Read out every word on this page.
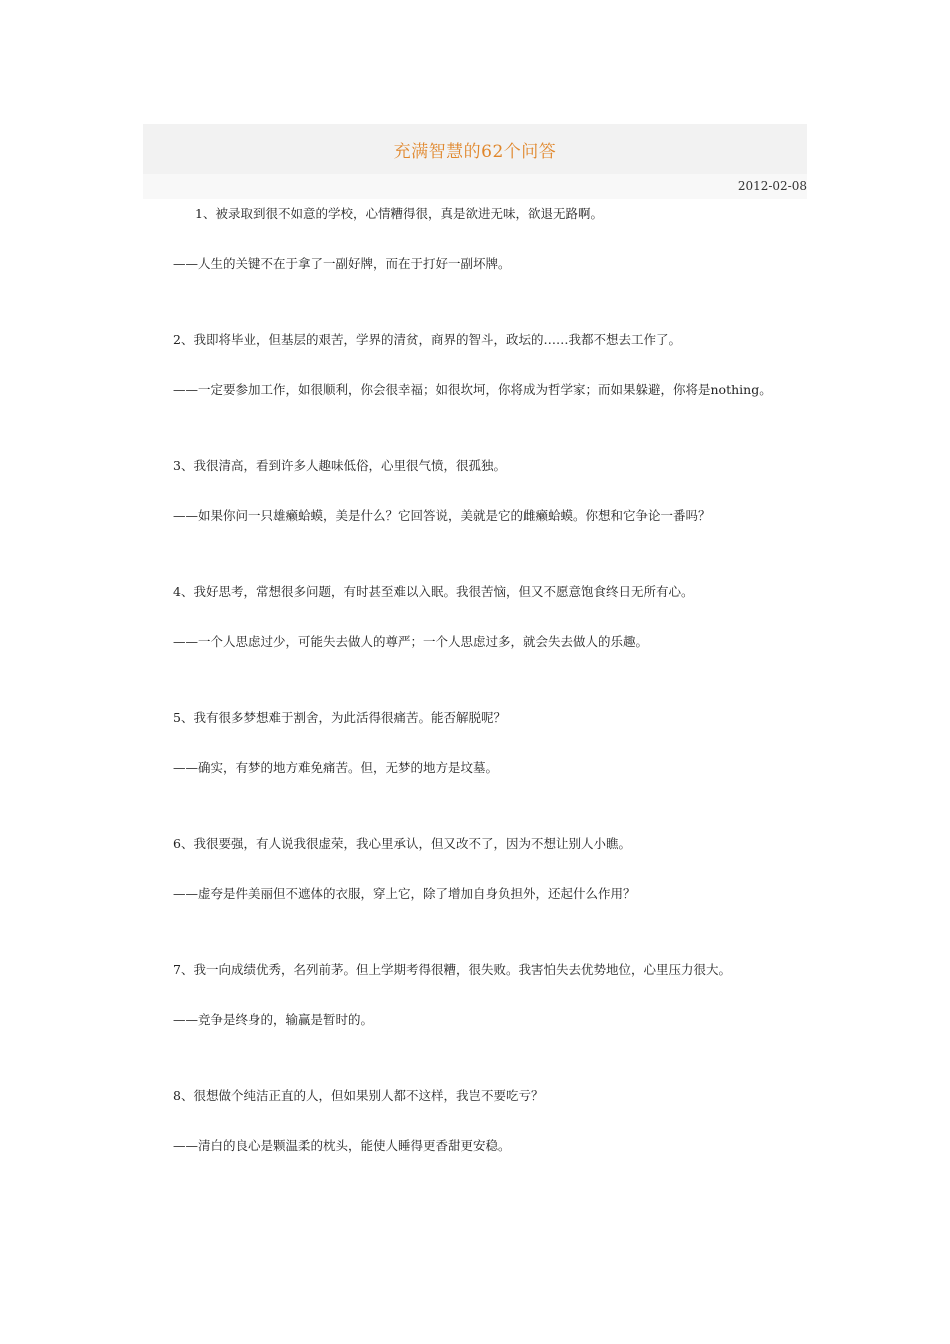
充满智慧的62个问答
2012-02-08

1、被录取到很不如意的学校，心情糟得很，真是欲进无味，欲退无路啊。

——人生的关键不在于拿了一副好牌，而在于打好一副坏牌。

2、我即将毕业，但基层的艰苦，学界的清贫，商界的智斗，政坛的……我都不想去工作了。

——一定要参加工作，如很顺利，你会很幸福；如很坎坷，你将成为哲学家；而如果躲避，你将是nothing。

3、我很清高，看到许多人趣味低俗，心里很气愤，很孤独。

——如果你问一只雄癞蛤蟆，美是什么？它回答说，美就是它的雌癞蛤蟆。你想和它争论一番吗？

4、我好思考，常想很多问题，有时甚至难以入眠。我很苦恼，但又不愿意饱食终日无所有心。

——一个人思虑过少，可能失去做人的尊严；一个人思虑过多，就会失去做人的乐趣。

5、我有很多梦想难于割舍，为此活得很痛苦。能否解脱呢？

——确实，有梦的地方难免痛苦。但，无梦的地方是坟墓。

6、我很要强，有人说我很虚荣，我心里承认，但又改不了，因为不想让别人小瞧。

——虚夸是件美丽但不遮体的衣服，穿上它，除了增加自身负担外，还起什么作用？

7、我一向成绩优秀，名列前茅。但上学期考得很糟，很失败。我害怕失去优势地位，心里压力很大。

——竞争是终身的，输赢是暂时的。

8、很想做个纯洁正直的人，但如果别人都不这样，我岂不要吃亏？

——清白的良心是颗温柔的枕头，能使人睡得更香甜更安稳。
